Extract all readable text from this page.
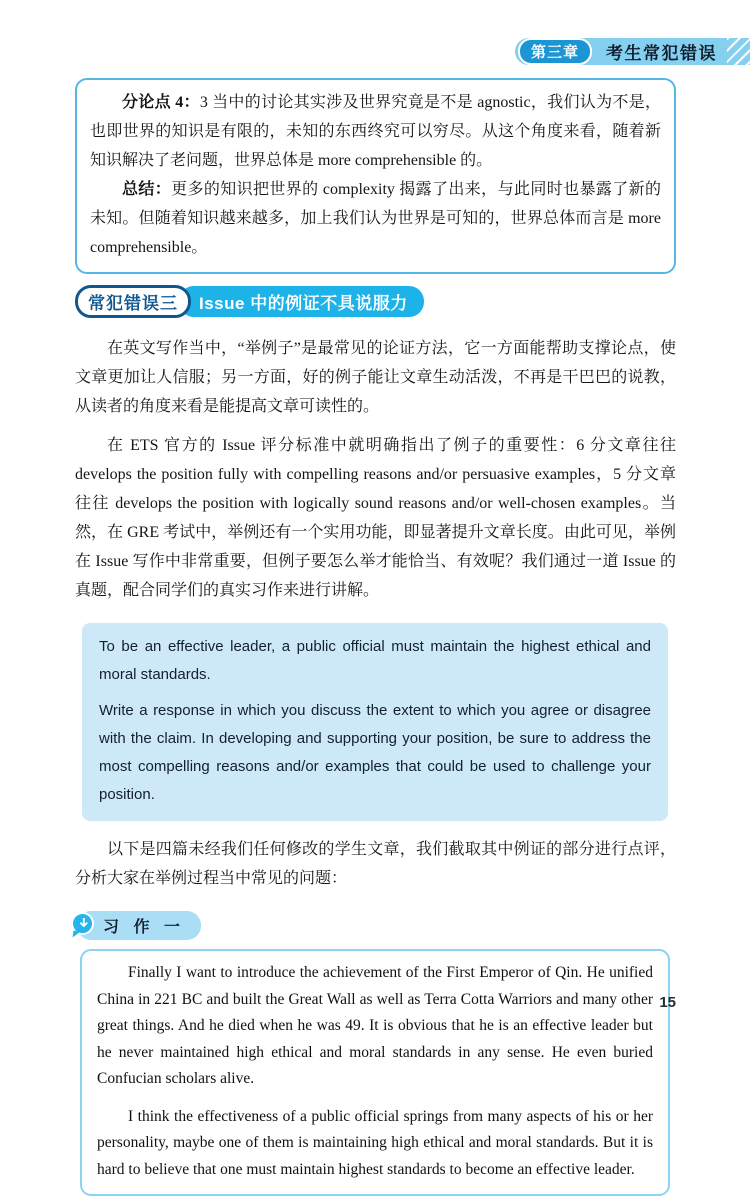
第三章	考生常犯错误

分论点 4：3 当中的讨论其实涉及世界究竟是不是 agnostic，我们认为不是，也即世界的知识是有限的，未知的东西终究可以穷尽。从这个角度来看，随着新知识解决了老问题，世界总体是 more comprehensible 的。

总结：更多的知识把世界的 complexity 揭露了出来，与此同时也暴露了新的未知。但随着知识越来越多，加上我们认为世界是可知的，世界总体而言是 more comprehensible。

常犯错误三	Issue 中的例证不具说服力

在英文写作当中，“举例子”是最常见的论证方法，它一方面能帮助支撑论点，使文章更加让人信服；另一方面，好的例子能让文章生动活泼，不再是干巴巴的说教，从读者的角度来看是能提高文章可读性的。

在 ETS 官方的 Issue 评分标准中就明确指出了例子的重要性：6 分文章往往 develops the position fully with compelling reasons and/or persuasive examples，5 分文章往往 develops the position with logically sound reasons and/or well-chosen examples。当然，在 GRE 考试中，举例还有一个实用功能，即显著提升文章长度。由此可见，举例在 Issue 写作中非常重要，但例子要怎么举才能恰当、有效呢？我们通过一道 Issue 的真题，配合同学们的真实习作来进行讲解。

To be an effective leader, a public official must maintain the highest ethical and moral standards.

Write a response in which you discuss the extent to which you agree or disagree with the claim. In developing and supporting your position, be sure to address the most compelling reasons and/or examples that could be used to challenge your position.

以下是四篇未经我们任何修改的学生文章，我们截取其中例证的部分进行点评，分析大家在举例过程当中常见的问题：

习 作 一

Finally I want to introduce the achievement of the First Emperor of Qin. He unified China in 221 BC and built the Great Wall as well as Terra Cotta Warriors and many other great things. And he died when he was 49. It is obvious that he is an effective leader but he never maintained high ethical and moral standards in any sense. He even buried Confucian scholars alive.

I think the effectiveness of a public official springs from many aspects of his or her personality, maybe one of them is maintaining high ethical and moral standards. But it is hard to believe that one must maintain highest standards to become an effective leader.

15
